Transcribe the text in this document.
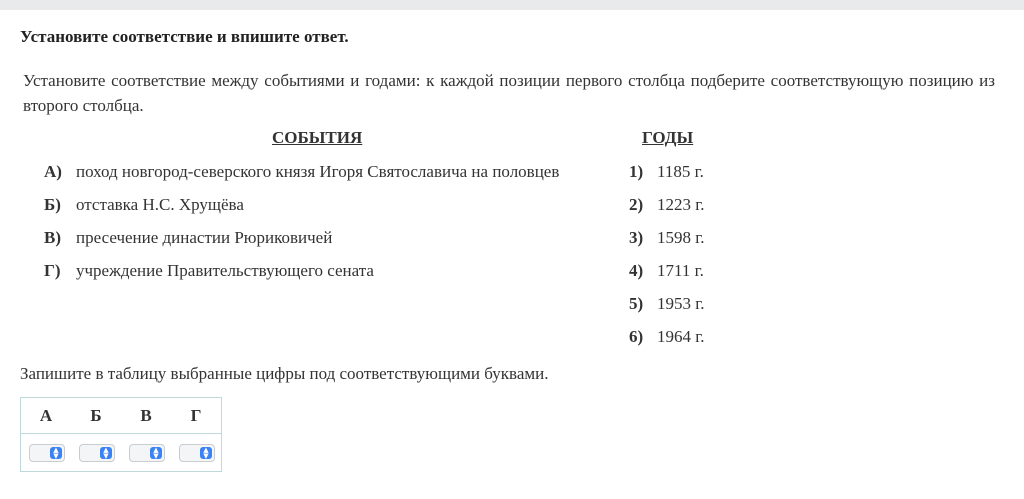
Установите соответствие и впишите ответ.
Установите соответствие между событиями и годами: к каждой позиции первого столбца подберите соответствующую позицию из второго столбца.
СОБЫТИЯ	ГОДЫ
А) поход новгород-северского князя Игоря Святославича на половцев
Б) отставка Н.С. Хрущёва
В) пресечение династии Рюриковичей
Г) учреждение Правительствующего сената
1) 1185 г.
2) 1223 г.
3) 1598 г.
4) 1711 г.
5) 1953 г.
6) 1964 г.
Запишите в таблицу выбранные цифры под соответствующими буквами.
А	Б	В	Г

▲
▼	▲
▼	▲
▼	▲
▼
